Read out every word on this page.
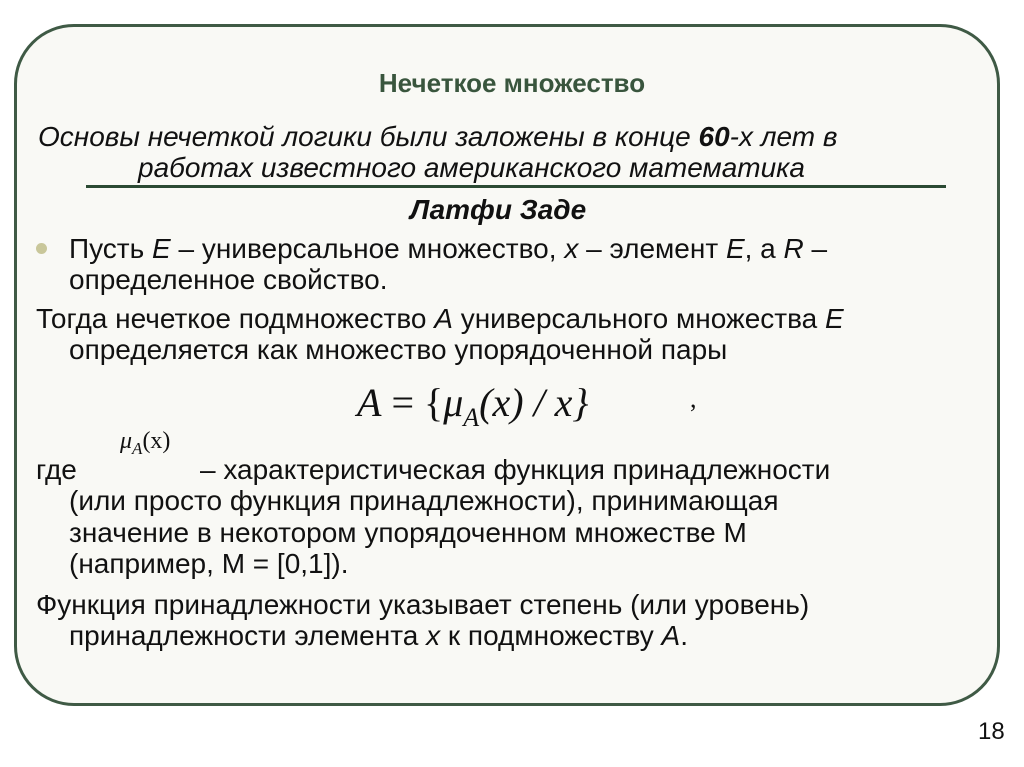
Нечеткое множество
Основы нечеткой логики были заложены в конце 60-х лет в
работах известного американского математика
Латфи Заде
Пусть E – универсальное множество, x – элемент E, а R –
определенное свойство.
Тогда нечеткое подмножество A универсального множества E
определяется как множество упорядоченной пары
$A = \{\mu_A(x) / x\}$	,
$\mu_A(x)$
где	– характеристическая функция принадлежности
(или просто функция принадлежности), принимающая
значение в некотором упорядоченном множестве M
(например, M = [0,1]).
Функция принадлежности указывает степень (или уровень)
принадлежности элемента x к подмножеству A.
18
